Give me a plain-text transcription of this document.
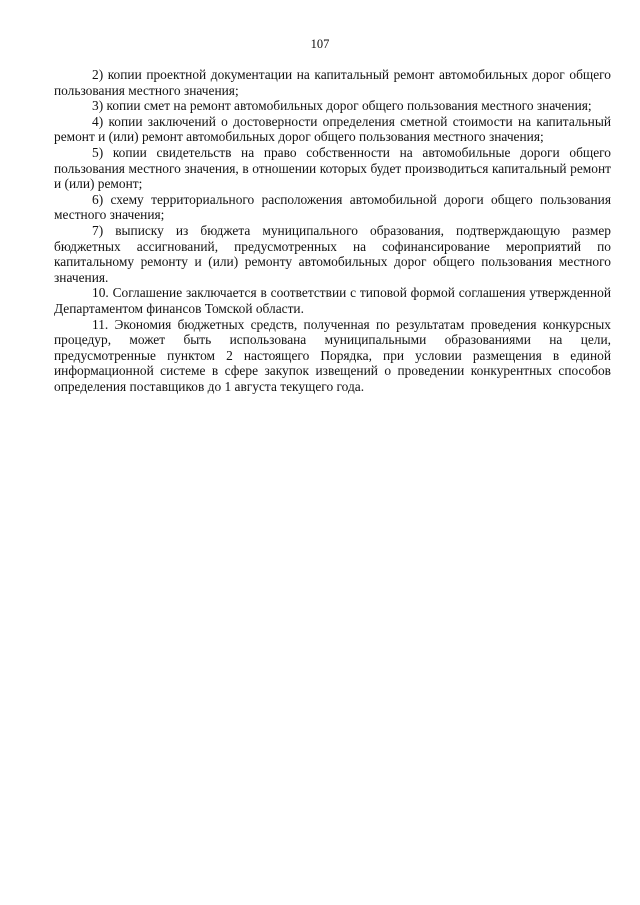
107

2) копии проектной документации на капитальный ремонт автомобильных дорог общего пользования местного значения;

3) копии смет на ремонт автомобильных дорог общего пользования местного значения;

4) копии заключений о достоверности определения сметной стоимости на капитальный ремонт и (или) ремонт автомобильных дорог общего пользования местного значения;

5) копии свидетельств на право собственности на автомобильные дороги общего пользования местного значения, в отношении которых будет производиться капитальный ремонт и (или) ремонт;

6) схему территориального расположения автомобильной дороги общего пользования местного значения;

7) выписку из бюджета муниципального образования, подтверждающую размер бюджетных ассигнований, предусмотренных на софинансирование мероприятий по капитальному ремонту и (или) ремонту автомобильных дорог общего пользования местного значения.

10. Соглашение заключается в соответствии с типовой формой соглашения утвержденной Департаментом финансов Томской области.

11. Экономия бюджетных средств, полученная по результатам проведения конкурсных процедур, может быть использована муниципальными образованиями на цели, предусмотренные пунктом 2 настоящего Порядка, при условии размещения в единой информационной системе в сфере закупок извещений о проведении конкурентных способов определения поставщиков до 1 августа текущего года.
